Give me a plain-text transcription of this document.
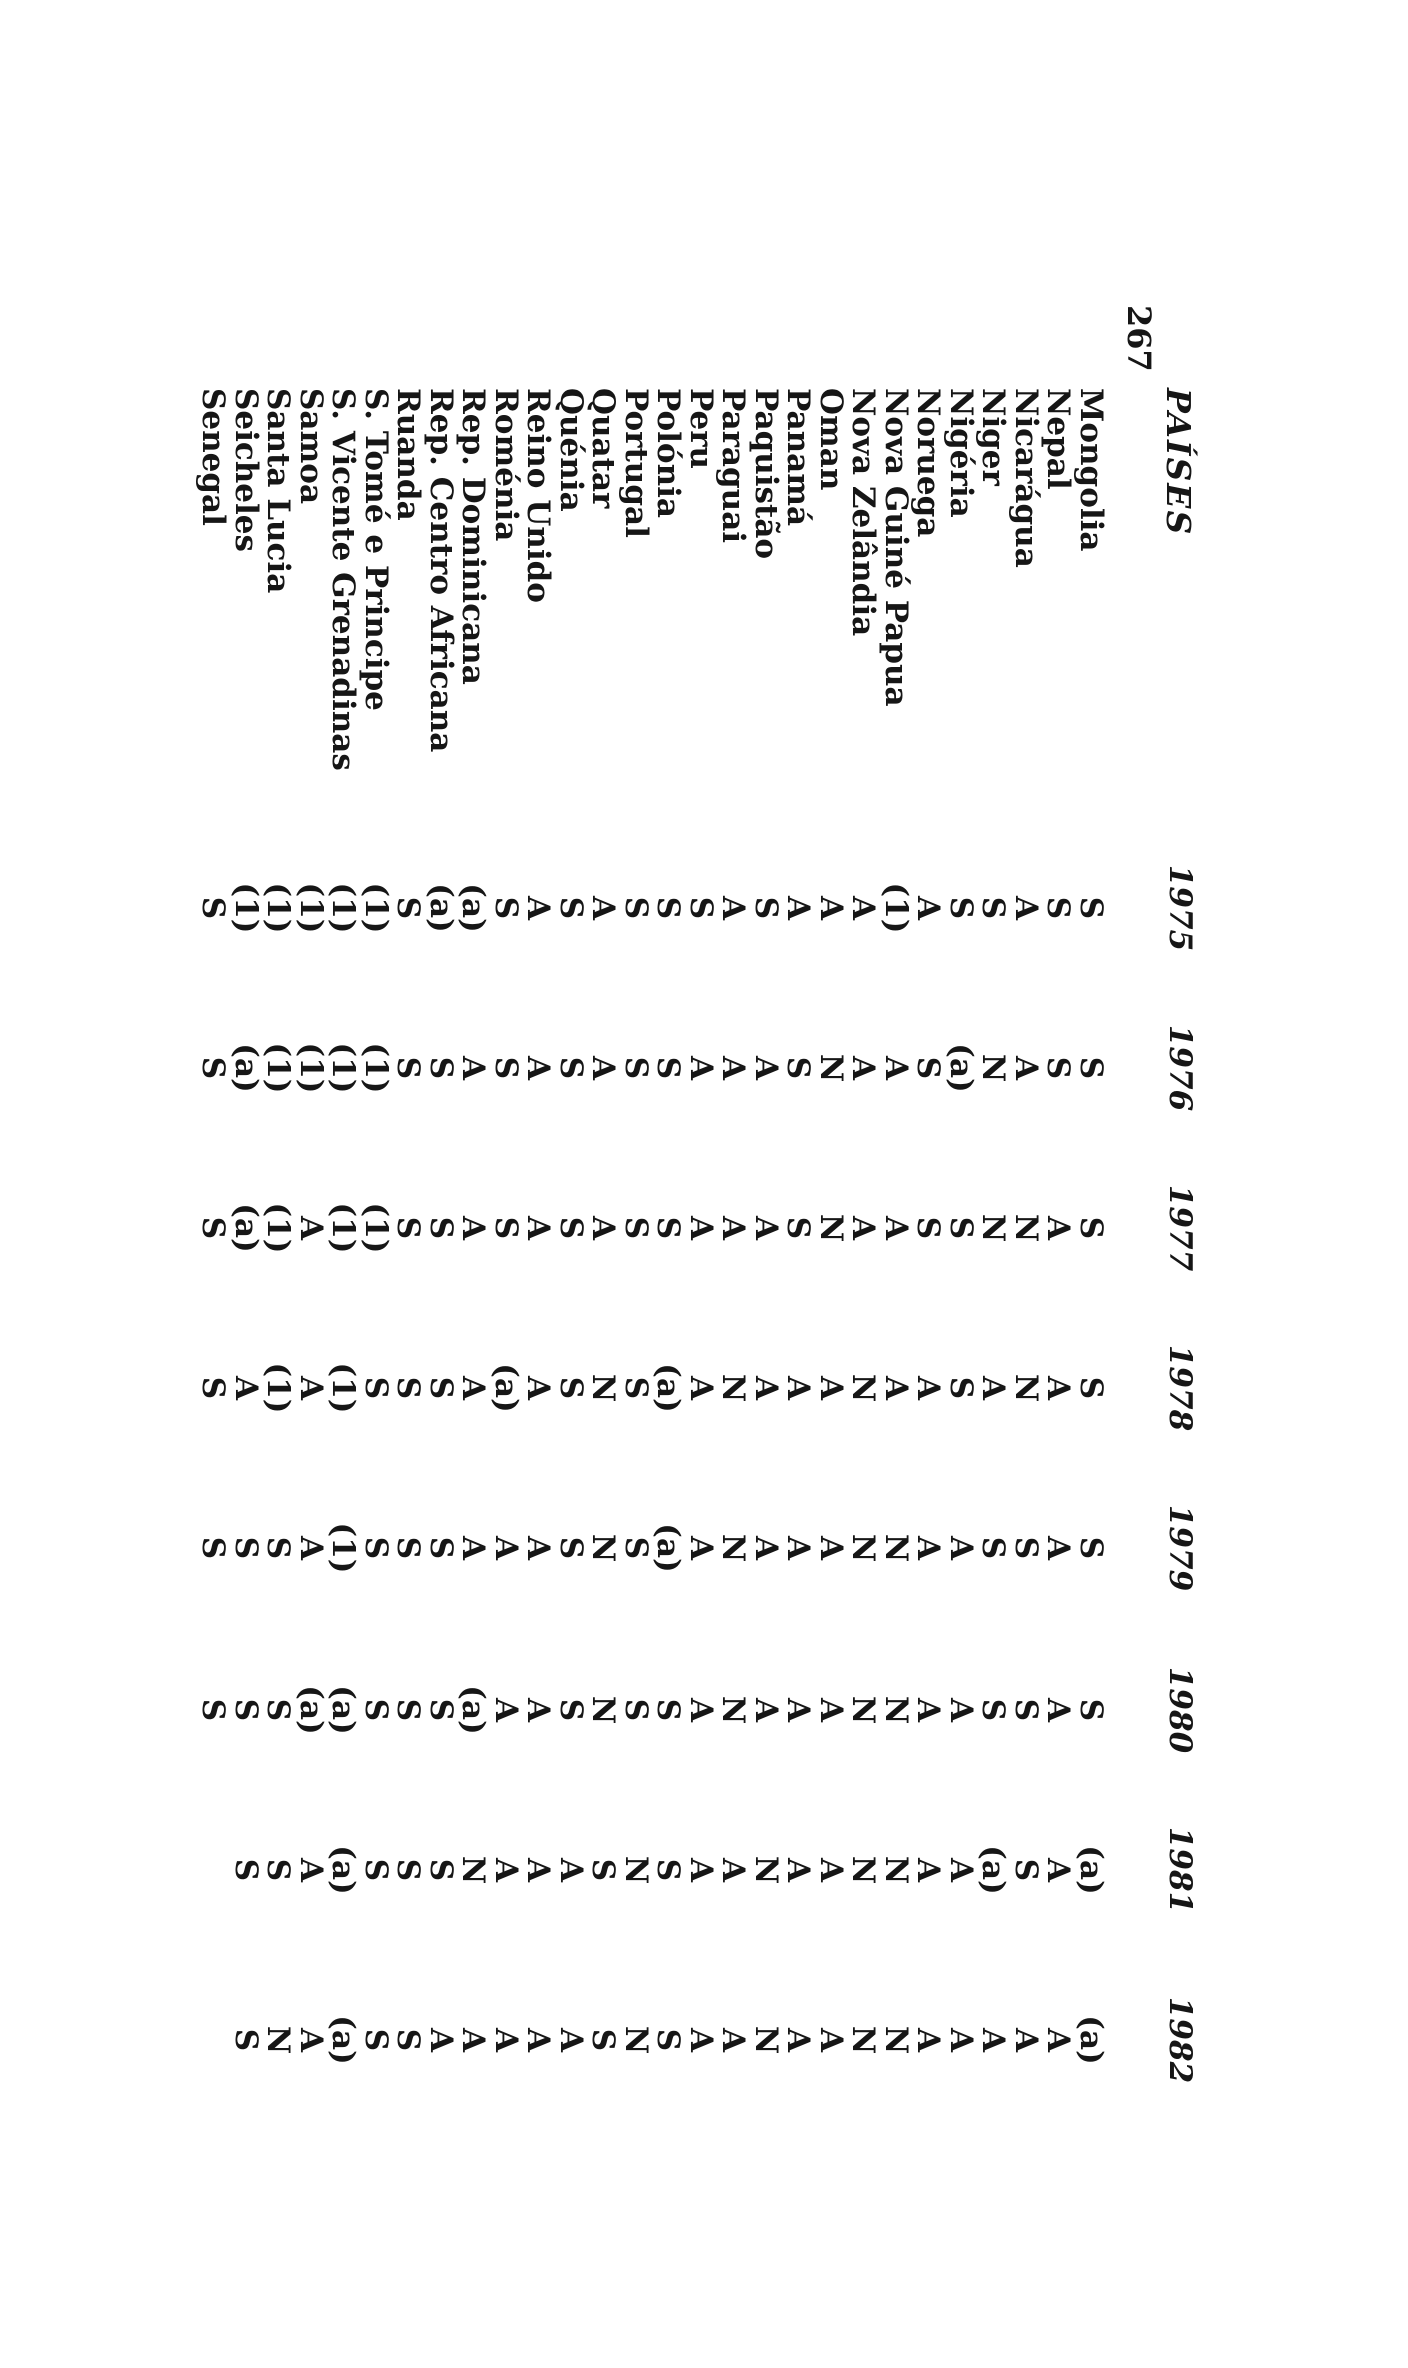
267
PAÍSES
1975
1976
1977
1978
1979
1980
1981
1982
Mongolia
S
S
S
S
S
S
(a)
(a)
Nepal
S
S
A
A
A
A
A
A
Nicarágua
A
A
N
N
S
S
S
A
Niger
S
N
N
A
S
S
(a)
A
Nigéria
S
(a)
S
S
A
A
A
A
Noruega
A
S
S
A
A
A
A
A
Nova Guiné Papua
(1)
A
A
A
N
N
N
N
Nova Zelândia
A
A
A
N
N
N
N
N
Oman
A
N
N
A
A
A
A
A
Panamá
A
S
S
A
A
A
A
A
Paquistão
S
A
A
A
A
A
N
N
Paraguai
A
A
A
N
N
N
A
A
Peru
S
A
A
A
A
A
A
A
Polónia
S
S
S
(a)
(a)
S
S
S
Portugal
S
S
S
S
S
S
N
N
Quatar
A
A
A
N
N
N
S
S
Quénia
S
S
S
S
S
S
A
A
Reino Unido
A
A
A
A
A
A
A
A
Roménia
S
S
S
(a)
A
A
A
A
Rep. Dominicana
(a)
A
A
A
A
(a)
N
A
Rep. Centro Africana
(a)
S
S
S
S
S
S
A
Ruanda
S
S
S
S
S
S
S
S
S. Tomé e Principe
(1)
(1)
(1)
S
S
S
S
S
S. Vicente Grenadinas
(1)
(1)
(1)
(1)
(1)
(a)
(a)
(a)
Samoa
(1)
(1)
A
A
A
(a)
A
A
Santa Lucia
(1)
(1)
(1)
(1)
S
S
S
N
Seicheles
(1)
(a)
(a)
A
S
S
S
S
Senegal
S
S
S
S
S
S
